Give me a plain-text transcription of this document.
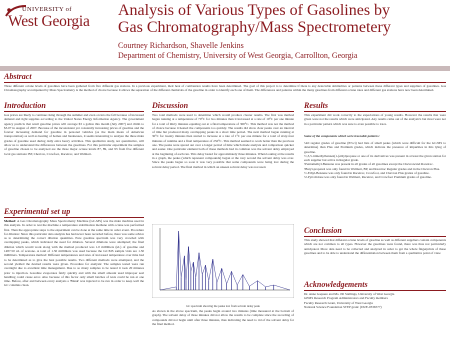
UNIVERSITY of
West Georgia
Analysis of Various Types of Gasolines by
Gas Chromatography/Mass Spectrometery
Courtney Richardson, Shavelle Jenkins
Department of Chemistry, University of West Georgia, Carrollton, Georgia
Abstract
Three different octane levels of gasolines have been gathered from five different gas stations. In a previous experiment, their heat of combustion results have been determined. The goal of this project is to determine if there is any detectable similarities or patterns between these different types and suppliers of gasolines. Gas Chromatography accompanied by Mass Spectrometry is the method of choice because it allows the separation of the different chemicals of the gasoline in order to identify each one of them. The differences and patterns within the many gasolines from different octane rates and different gas stations have now been determined.
Introduction
Gas prices are likely to continue rising through the summer and even on into the fall because of increased demand and tight supplies according to the United States Energy Information Agency. The government agency predicts that retail gasoline prices will average $3 a gallon this month (July 2007) and climb to $3.07 in August of 2007. Because of the inconsistent yet constantly increasing prices of gasoline and the forever increasing demand for gasoline in personal vehicles (as the main mean of American transportation) as well as heating of homes and businesses, it seems interesting to analyze the three main grades of gasoline used during daily extra heavy activities. This qualitative study, not quantitative, will allow us to understand the differences between the gasolines. For this particular experiment the samples of gasoline chosen to be analyzed are the three major octane levels 87, 89, and 93 from five different local gas stations: BP, Chevron, Crowfoot, Racetrac, and Walmart.
Experimental set up
Method: A Gas Chromatography Mass Spectrometry Machine (GC-MS) was the main machine used in this analysis. In order to test the machine a temperature stabilization methane with octane was performed first. Then the appropriate steps to the experiment can be done at the same time in order event. Procedure for dilution: Since this particular data analysis has had never been recorded before, there was some advice as to determining the correct dilution quantities. Pure gasoline spectrum was very crowded with overlapping peaks, which indicated the need for dilution. Several dilutions were attempted; the final dilution which would work along with the method produced was 1.0 milliliters (uL) of gasoline and 1487.50 uL of acetone. A total of 1.50 milliliters was used because the GC/MS sample vials are 1.50 milliliters. Temperature method: Different temperatures and rates of increased temperature over time had to be determined as to give the best possible results. Two different methods were attempted, and the second yielded the desired results were given. Procedure for analysis: The samples tested were run overnight due to excellent time management. Due to so many samples to be tested it took 20 minutes prior to injection. Gasoline evaporates fairly quickly and with the small amount used improper seal handling could cause error. Also because of this factor only small batches of tests could be run at one time. Before, after and between every analysis a 'Blank' was injected to be run in order to keep well the GC columns clean.
Discussion
Two total methods were used to determine which would produce clearer results. The first was method began running at a temperature of 70°C for two minutes then it increased at a rate of 10°C per one minute for a total of thirty minutes equaling out at a final temperature of 300°C. This method was not the method of choice because it heated the components too quickly. The results did show clear peaks over an interval of time but produced many overlapping peaks in a short time period. The next method began running at 30°C for twenty minutes then started to increase at a rate of 1°C per one minute for a total of sixty-four minutes of runtime and a final temperature of 250°C. This method seemed to work better than the previous one. The peaks were spread out over a longer period of time which made analysis and comparison quicker and easier. One particular element both of these methods had in common was the solvent delay employed at the beginning of each run. This delay lasted for approximately three minutes. When looking at the results in a graph, the peaks (which represent compounds) began at the very second the solvent delay was over. Since the peaks began so soon it was very possible that some compounds were being lost during the solvent delay period. The final method in which an unseen solvent delay was not used.
GC spectrum showing the peaks lost from solvent delay peak
As shown in the above spectrum, the peaks begin around two minutes (time measured at the bottom of graph). The solvent delay of three minutes did not allow the results to be complete since the recording of compounds did not begin until after three minutes, thus indicating the need to rid of the solvent delay for the final method.
Results
This experiment did work correctly to the expectations of young results. However the results that were given were not the results which were anticipated. Any results came out of the analysis's but most were not in a particular pattern which was sure to even possible to trace.
Some of the components which were traceable patterns:

•All regular grades of gasoline (87oct) had lists of small peaks (which were difficult for the GC/MS to determine) than Plus and Premium grades, which indicate the presence of impurities in this lying of gasoline.

•1,3,5-trimethylbenzen(1-(ethylpropane or one of its derivatives was present in at least the given station for each supplier but active in Regular grade.

•Pentamethyl-Benzene was present in all grades of all gasolines except the Chevron/and Racetrac.

•Butyl-propanol was only found in Walmart, BP, and Racetrac Regular grades and in the Chevron Plus.

•1-Ethyl-Benzene was only found in Racetrac, Crowfoot, and Chevron Plus grades of gasoline.

•2-Pyrrolidone was only found in Walmart, Racetrac, and Crowfoot Premium grades of gasoline.

Conclusion
This study showed that different octane levels of gasoline as well as different suppliers contain components which are not common to all types. However the gasolines were found, there was thus not particularly anticipated. More data need to be collected and analyzed in order to get the whole fingerprints of these gasolines and to be able to understand the differentiation between them from a qualitative point of view.
Acknowledgements

Dr. Anne Gaquere and Ms. Jill Stallings, University of West Georgia

GEMS Research Program Administrators and Faculty members

Faculty Research Grant, University of West Georgia

National Science Foundation STEP grant: (DUE-0336577)
